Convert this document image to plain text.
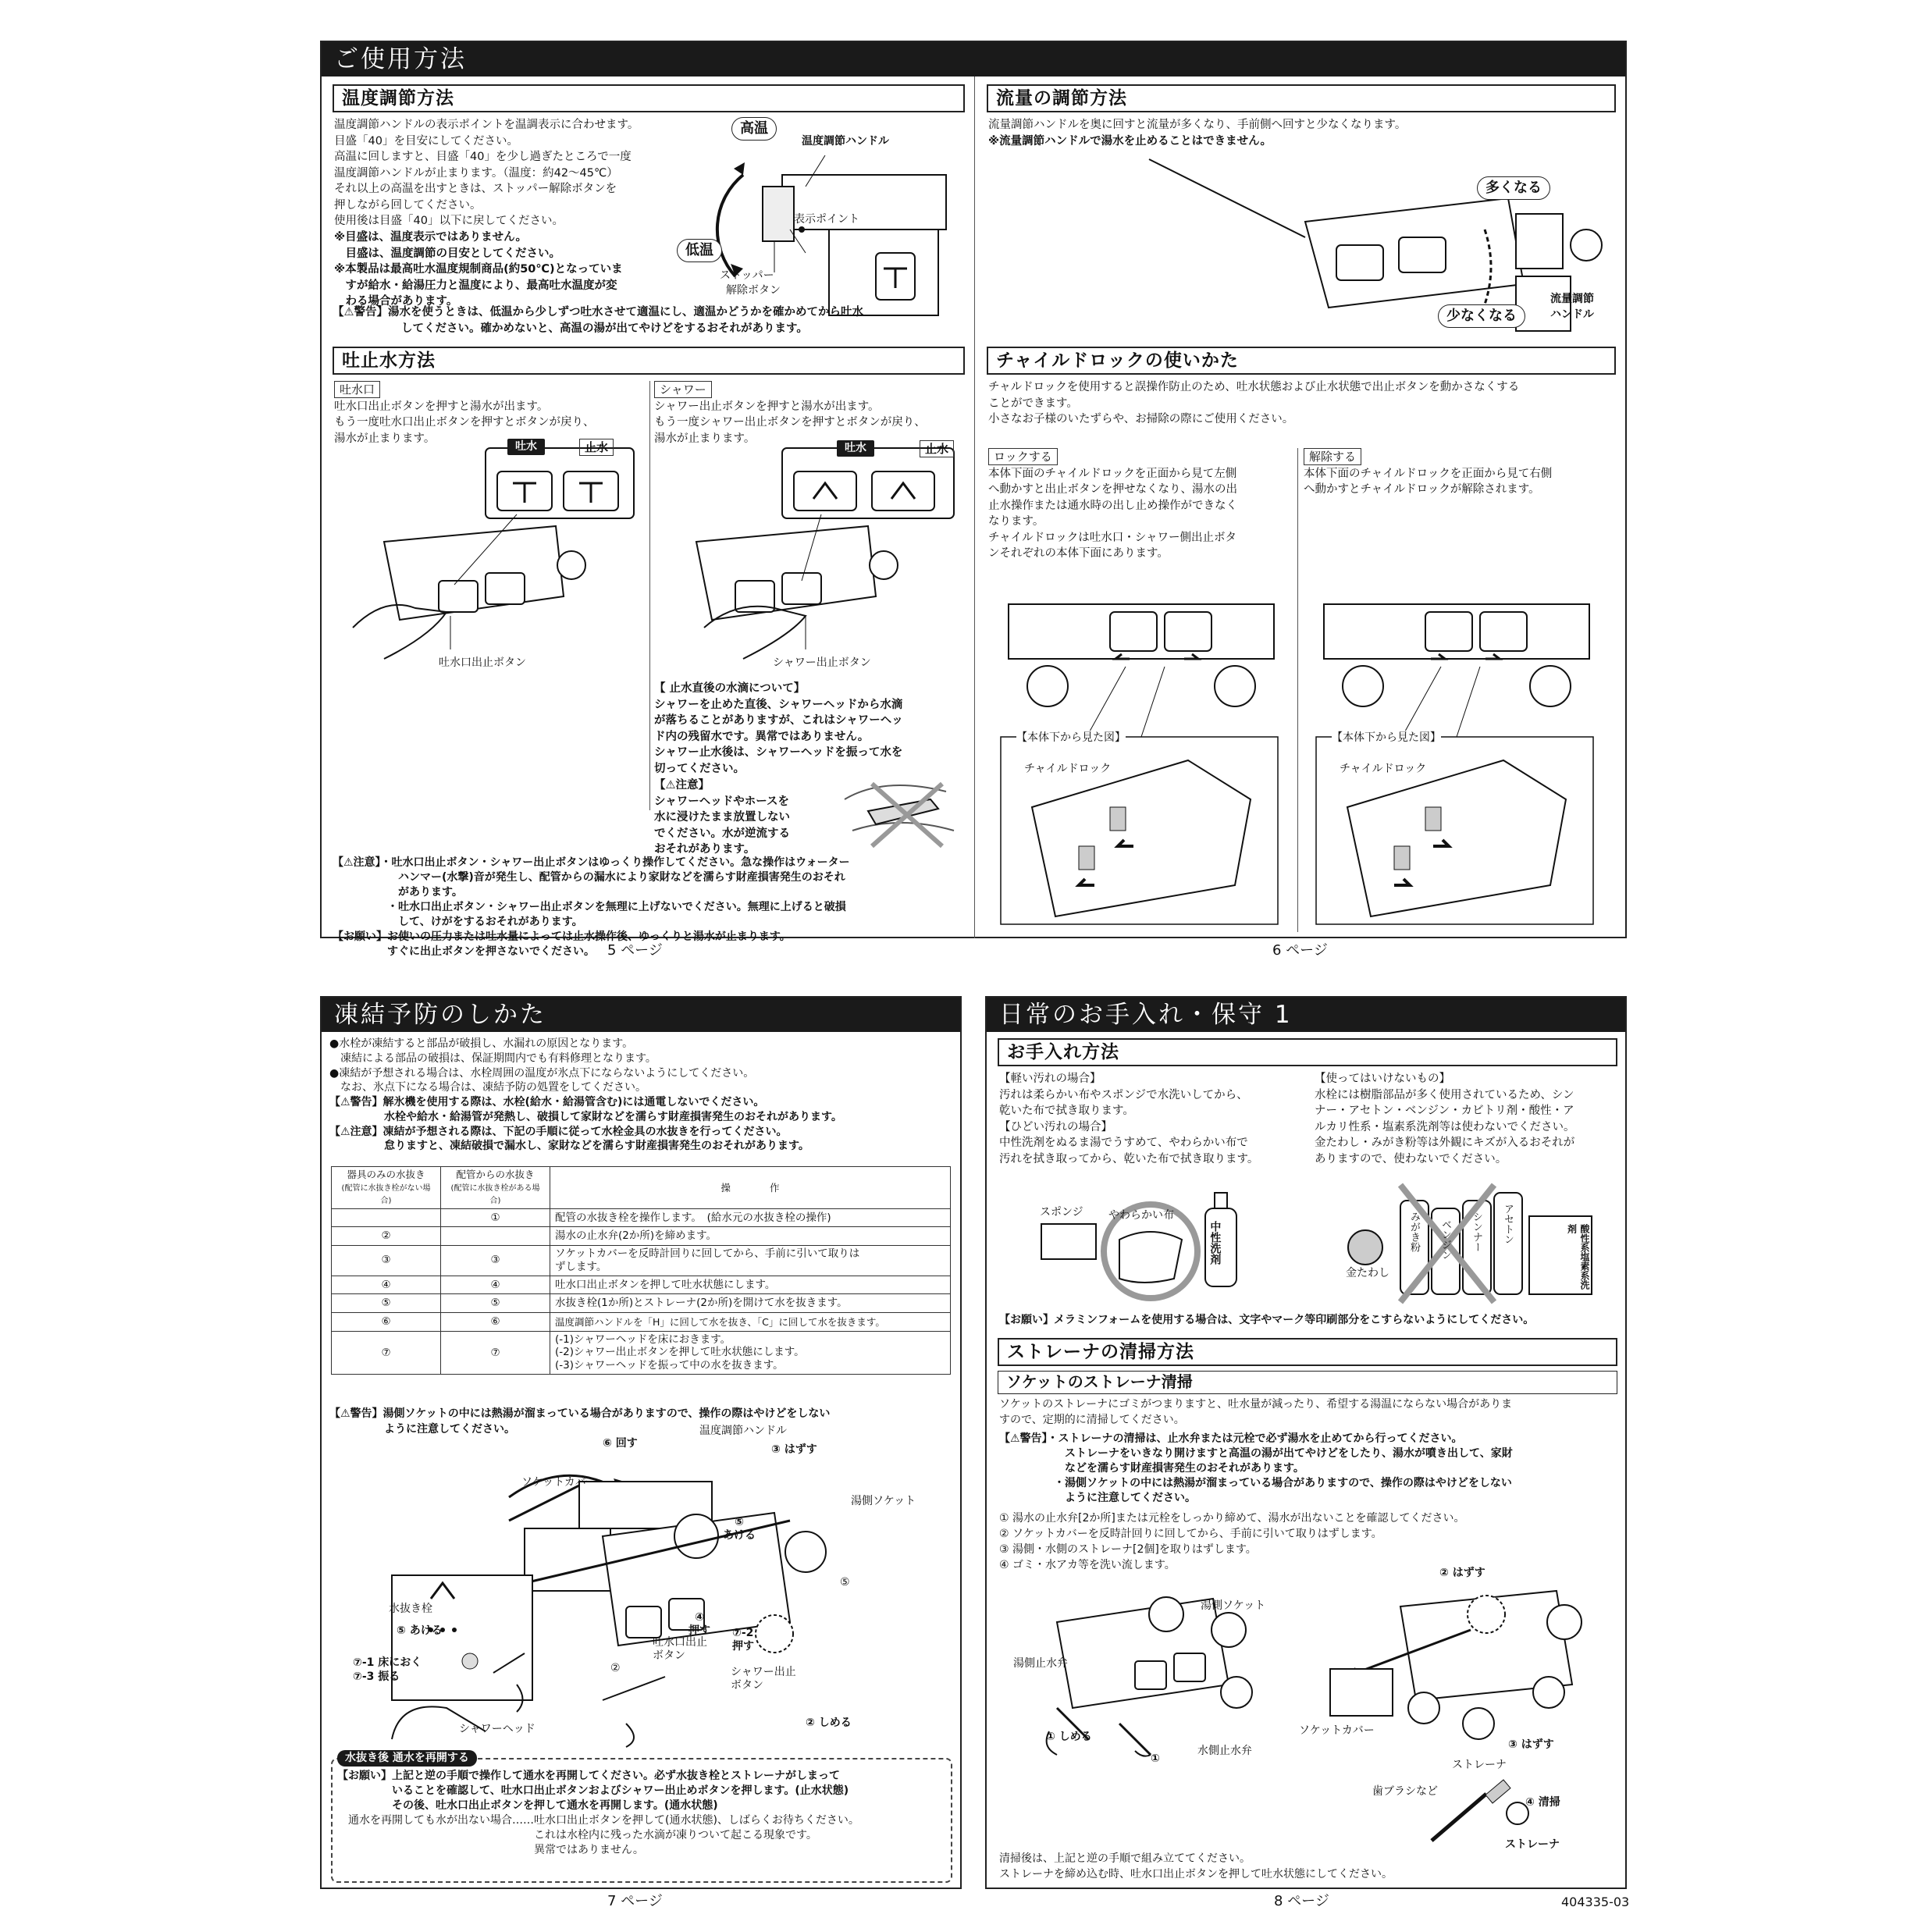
ご使用方法
温度調節方法

温度調節ハンドルの表示ポイントを温調表示に合わせます。

目盛「40」を目安にしてください。

高温に回しますと、目盛「40」を少し過ぎたところで一度

温度調節ハンドルが止まります。（温度：約42～45℃）

それ以上の高温を出すときは、ストッパー解除ボタンを

押しながら回してください。

使用後は目盛「40」以下に戻してください。

※目盛は、温度表示ではありません。

　目盛は、温度調節の目安としてください。

※本製品は最高吐水温度規制商品(約50℃)となっていま

　すが給水・給湯圧力と温度により、最高吐水温度が変

　わる場合があります。

高温
低温
温度調節ハンドル
表示ポイント
ストッパー
解除ボタン

【⚠警告】湯水を使うときは、低温から少しずつ吐水させて適温にし、適温かどうかを確かめてから吐水

してください。確かめないと、高温の湯が出てやけどをするおそれがあります。

吐止水方法
吐水口

吐水口出止ボタンを押すと湯水が出ます。

もう一度吐水口出止ボタンを押すとボタンが戻り、

湯水が止まります。

シャワー

シャワー出止ボタンを押すと湯水が出ます。

もう一度シャワー出止ボタンを押すとボタンが戻り、

湯水が止まります。

吐水	止水
吐水口出止ボタン
吐水	止水
シャワー出止ボタン

【 止水直後の水滴について】

シャワーを止めた直後、シャワーヘッドから水滴

が落ちることがありますが、これはシャワーヘッ

ド内の残留水です。異常ではありません。

シャワー止水後は、シャワーヘッドを振って水を

切ってください。

【⚠注意】

シャワーヘッドやホースを

水に浸けたまま放置しない

でください。水が逆流する

おそれがあります。

【⚠注意】・吐水口出止ボタン・シャワー出止ボタンはゆっくり操作してください。急な操作はウォーター

　　　　　　ハンマー(水撃)音が発生し、配管からの漏水により家財などを濡らす財産損害発生のおそれ

　　　　　　があります。

　　　　　・吐水口出止ボタン・シャワー出止ボタンを無理に上げないでください。無理に上げると破損

　　　　　　して、けがをするおそれがあります。

【お願い】お使いの圧力または吐水量によっては止水操作後、ゆっくりと湯水が止まります。

　　　　　すぐに出止ボタンを押さないでください。

流量の調節方法

流量調節ハンドルを奥に回すと流量が多くなり、手前側へ回すと少なくなります。

※流量調節ハンドルで湯水を止めることはできません。

多くなる
少なくなる
流量調節
ハンドル
チャイルドロックの使いかた

チャルドロックを使用すると誤操作防止のため、吐水状態および止水状態で出止ボタンを動かさなくする

ことができます。

小さなお子様のいたずらや、お掃除の際にご使用ください。

ロックする

本体下面のチャイルドロックを正面から見て左側

へ動かすと出止ボタンを押せなくなり、湯水の出

止水操作または通水時の出し止め操作ができなく

なります。

チャイルドロックは吐水口・シャワー側出止ボタ

ンそれぞれの本体下面にあります。

解除する

本体下面のチャイルドロックを正面から見て右側

へ動かすとチャイルドロックが解除されます。

【本体下から見た図】
チャイルドロック
【本体下から見た図】
チャイルドロック
5 ページ	6 ページ
凍結予防のしかた

●水栓が凍結すると部品が破損し、水漏れの原因となります。

　凍結による部品の破損は、保証期間内でも有料修理となります。

●凍結が予想される場合は、水栓周囲の温度が氷点下にならないようにしてください。

　なお、氷点下になる場合は、凍結予防の処置をしてください。

【⚠警告】解氷機を使用する際は、水栓(給水・給湯管含む)には通電しないでください。

　　　　　水栓や給水・給湯管が発熱し、破損して家財などを濡らす財産損害発生のおそれがあります。

【⚠注意】凍結が予想される際は、下記の手順に従って水栓金具の水抜きを行ってください。

　　　　　怠りますと、凍結破損で漏水し、家財などを濡らす財産損害発生のおそれがあります。

器具のみの水抜き
(配管に水抜き栓がない場合)	配管からの水抜き
(配管に水抜き栓がある場合)	操　　　　作
	①	配管の水抜き栓を操作します。　(給水元の水抜き栓の操作)
②		湯水の止水弁(2か所)を締めます。
③	③	ソケットカバーを反時計回りに回してから、手前に引いて取りは
ずします。
④	④	吐水口出止ボタンを押して吐水状態にします。
⑤	⑤	水抜き栓(1か所)とストレーナ(2か所)を開けて水を抜きます。
⑥	⑥	温度調節ハンドルを「H」に回して水を抜き、「C」に回して水を抜きます。
⑦	⑦	(-1)シャワーヘッドを床におきます。
(-2)シャワー出止ボタンを押して吐水状態にします。
(-3)シャワーヘッドを振って中の水を抜きます。

【⚠警告】湯側ソケットの中には熱湯が溜まっている場合がありますので、操作の際はやけどをしない

　　　　　ように注意してください。

⑥ 回す
温度調節ハンドル
③ はずす
ソケットカバー
湯側ソケット
⑤
あける
水抜き栓
⑤ あける
④
押す ⑦-2
押す
吐水口出止
ボタン
シャワー出止
ボタン
⑦-1 床におく
⑦-3 振る
シャワーヘッド
②
② しめる
⑤
水抜き後 通水を再開する

【お願い】上記と逆の手順で操作して通水を再開してください。必ず水抜き栓とストレーナがしまって

　　　　　いることを確認して、吐水口出止ボタンおよびシャワー出止めボタンを押します。(止水状態)

　　　　　その後、吐水口出止ボタンを押して通水を再開します。(通水状態)

　通水を再開しても水が出ない場合……吐水口出止ボタンを押して(通水状態)、しばらくお待ちください。

　　　　　　　　　　　　　　　　　　これは水栓内に残った水滴が凍りついて起こる現象です。

　　　　　　　　　　　　　　　　　　異常ではありません。

7 ページ
日常のお手入れ・保守 1
お手入れ方法

【軽い汚れの場合】

汚れは柔らかい布やスポンジで水洗いしてから、

乾いた布で拭き取ります。

【ひどい汚れの場合】

中性洗剤をぬるま湯でうすめて、やわらかい布で

汚れを拭き取ってから、乾いた布で拭き取ります。

【使ってはいけないもの】

水栓には樹脂部品が多く使用されているため、シン

ナー・アセトン・ベンジン・カビトリ剤・酸性・ア

ルカリ性系・塩素系洗剤等は使わないでください。

金たわし・みがき粉等は外観にキズが入るおそれが

ありますので、使わないでください。

スポンジ やわらかい布
中性洗剤
金たわし
みがき粉 ベンジン シンナー アセトン	酸性系塩素系洗剤
【お願い】メラミンフォームを使用する場合は、文字やマーク等印刷部分をこすらないようにしてください。
ストレーナの清掃方法
ソケットのストレーナ清掃

ソケットのストレーナにゴミがつまりますと、吐水量が減ったり、希望する湯温にならない場合がありま

すので、定期的に清掃してください。

【⚠警告】・ストレーナの清掃は、止水弁または元栓で必ず湯水を止めてから行ってください。

　　　　　　ストレーナをいきなり開けますと高温の湯が出てやけどをしたり、湯水が噴き出して、家財

　　　　　　などを濡らす財産損害発生のおそれがあります。

　　　　　・湯側ソケットの中には熱湯が溜まっている場合がありますので、操作の際はやけどをしない

　　　　　　ように注意してください。

① 湯水の止水弁[2か所]または元栓をしっかり締めて、湯水が出ないことを確認してください。

② ソケットカバーを反時計回りに回してから、手前に引いて取りはずします。

③ 湯側・水側のストレーナ[2個]を取りはずします。

④ ゴミ・水アカ等を洗い流します。

湯側ソケット
湯側止水弁
① しめる
①
水側止水弁
② はずす
ソケットカバー
③ はずす
ストレーナ
歯ブラシなど
④ 清掃
ストレーナ

清掃後は、上記と逆の手順で組み立ててください。

ストレーナを締め込む時、吐水口出止ボタンを押して吐水状態にしてください。

8 ページ	404335-03
